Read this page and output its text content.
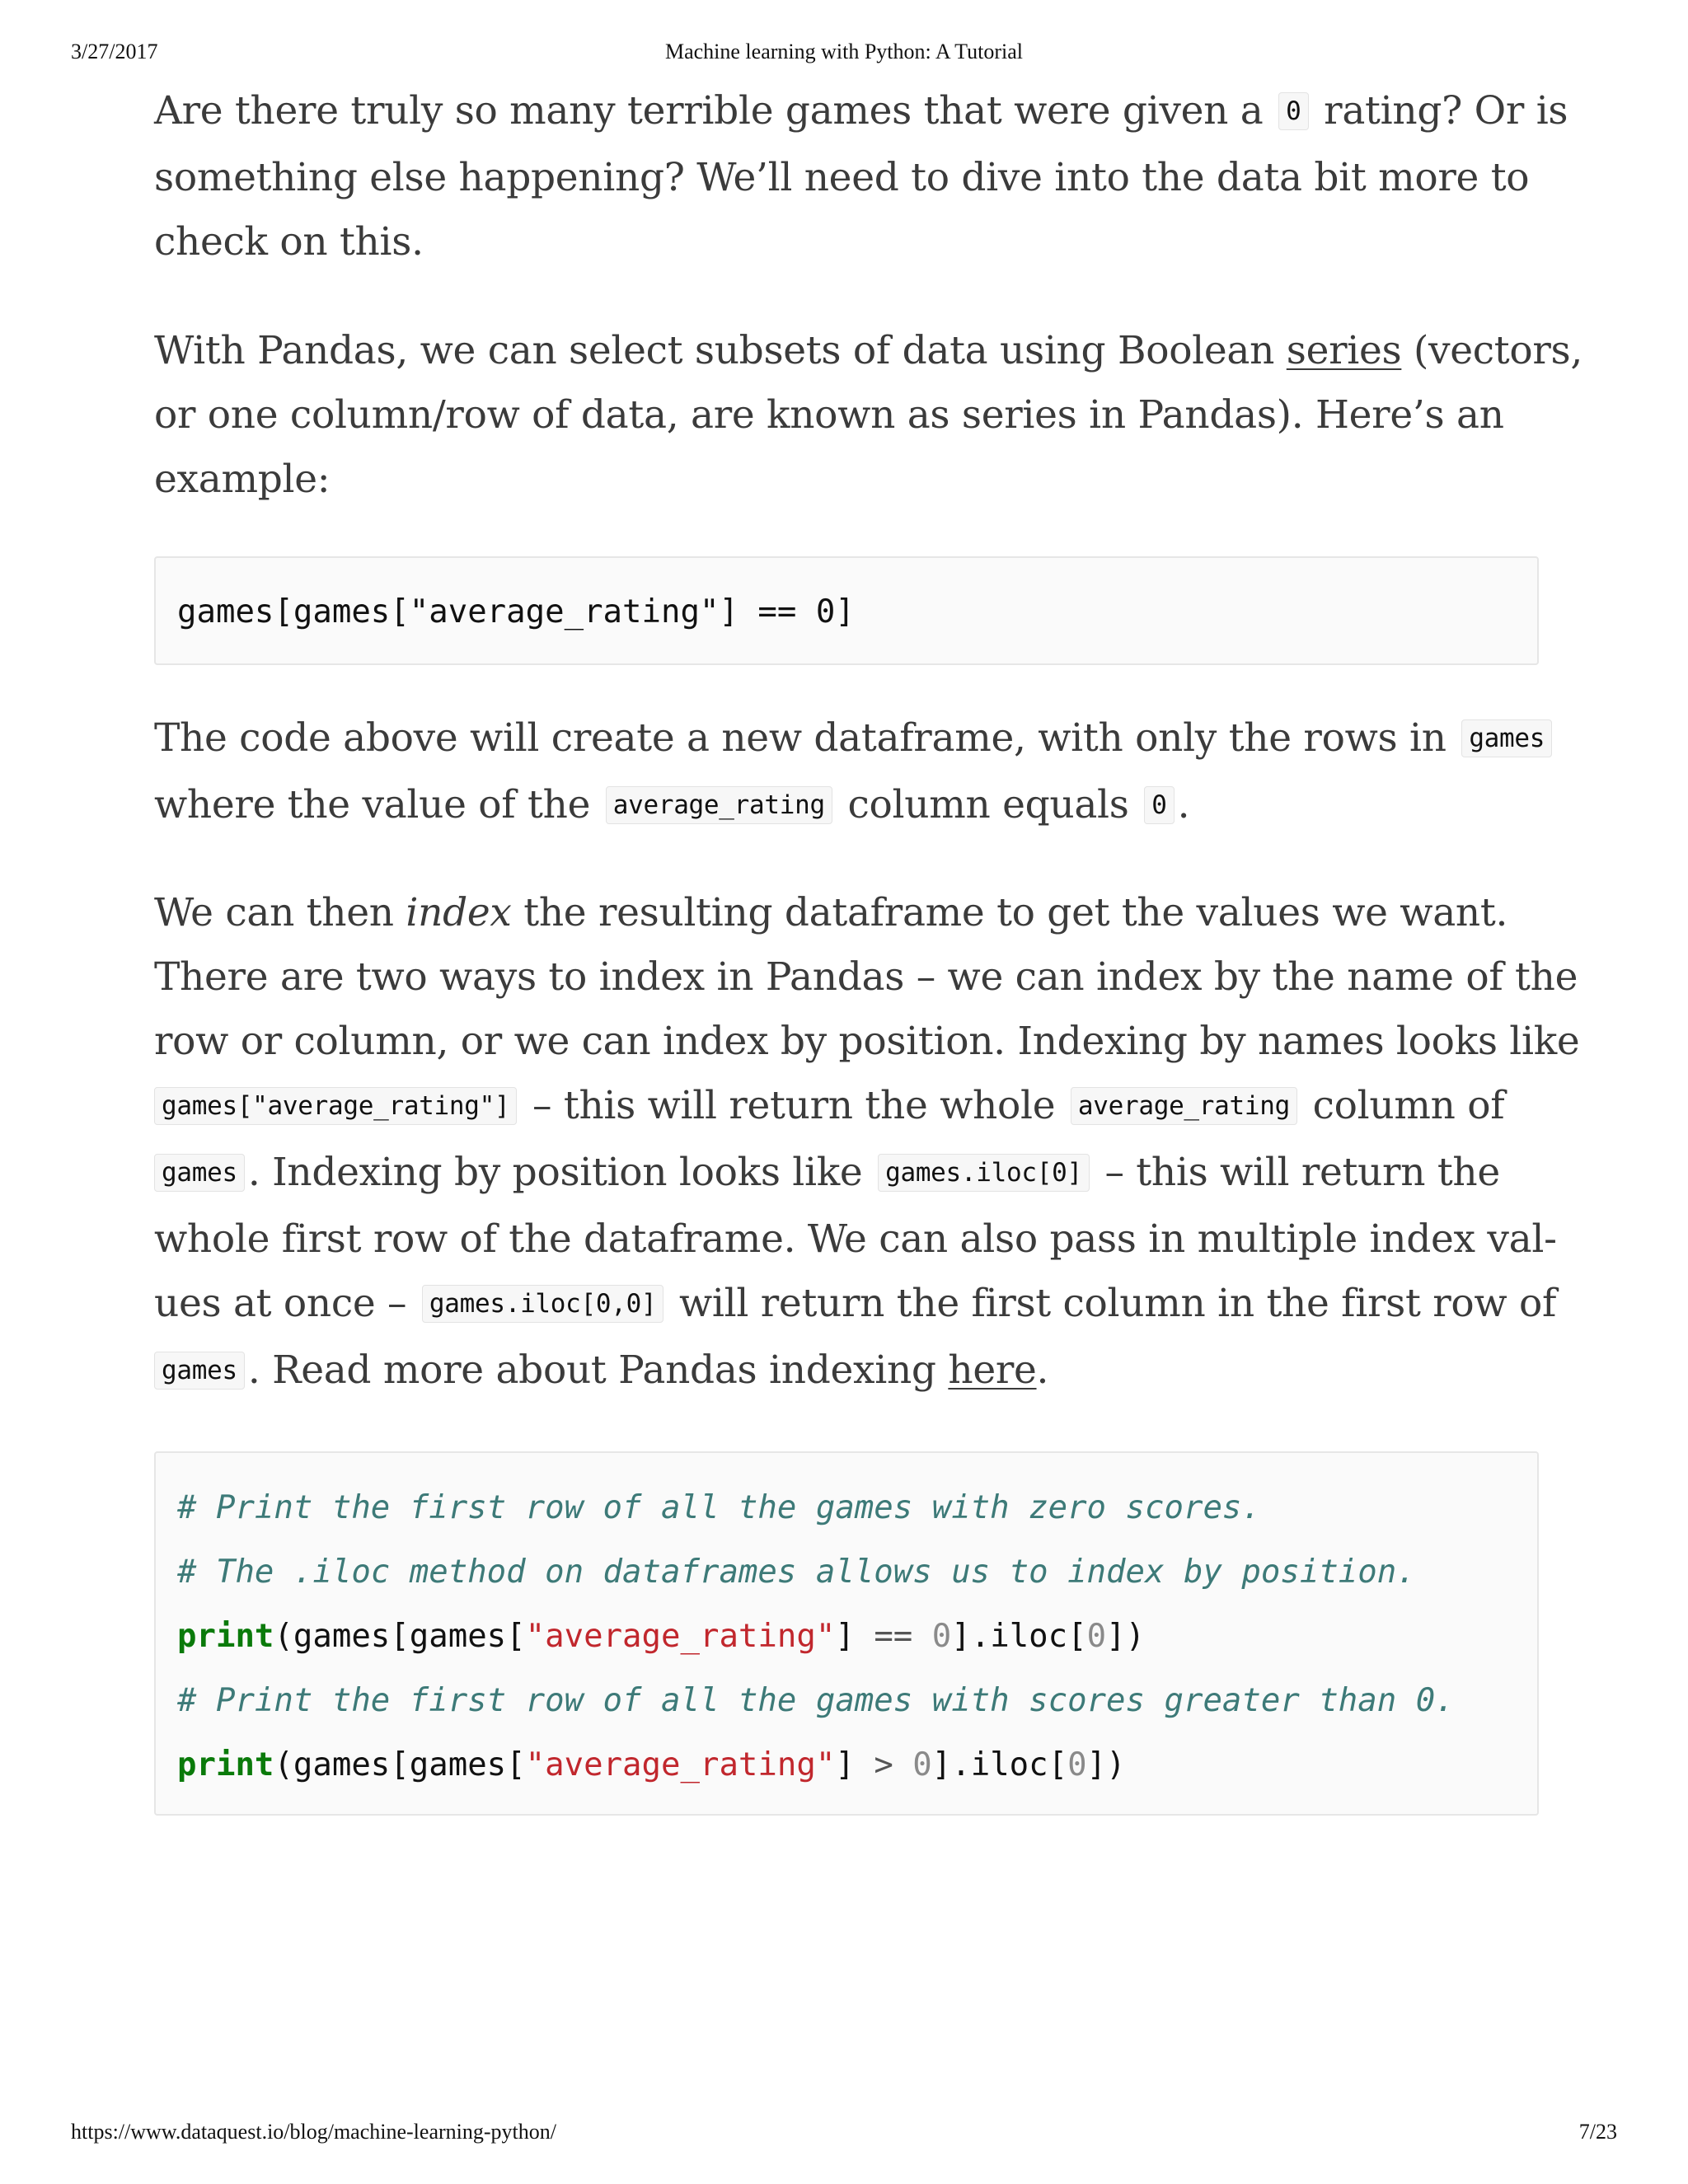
3/27/2017	Machine learning with Python: A Tutorial

Are there truly so many terrible games that were given a 0 rating? Or is
something else happening? We’ll need to dive into the data bit more to
check on this.

With Pandas, we can select subsets of data using Boolean series (vectors,
or one column/row of data, are known as series in Pandas). Here’s an
example:

games[games["average_rating"] == 0]

The code above will create a new dataframe, with only the rows in games
where the value of the average_rating column equals 0 .

We can then index the resulting dataframe to get the values we want.
There are two ways to index in Pandas – we can index by the name of the
row or column, or we can index by position. Indexing by names looks like
games["average_rating"] – this will return the whole average_rating column of
games . Indexing by position looks like games.iloc[0] – this will return the
whole first row of the dataframe. We can also pass in multiple index val-
ues at once – games.iloc[0,0] will return the first column in the first row of
games . Read more about Pandas indexing here.

# Print the first row of all the games with zero scores.
# The .iloc method on dataframes allows us to index by position.
print(games[games["average_rating"] == 0].iloc[0])
# Print the first row of all the games with scores greater than 0.
print(games[games["average_rating"] > 0].iloc[0])
https://www.dataquest.io/blog/machine-learning-python/	7/23
